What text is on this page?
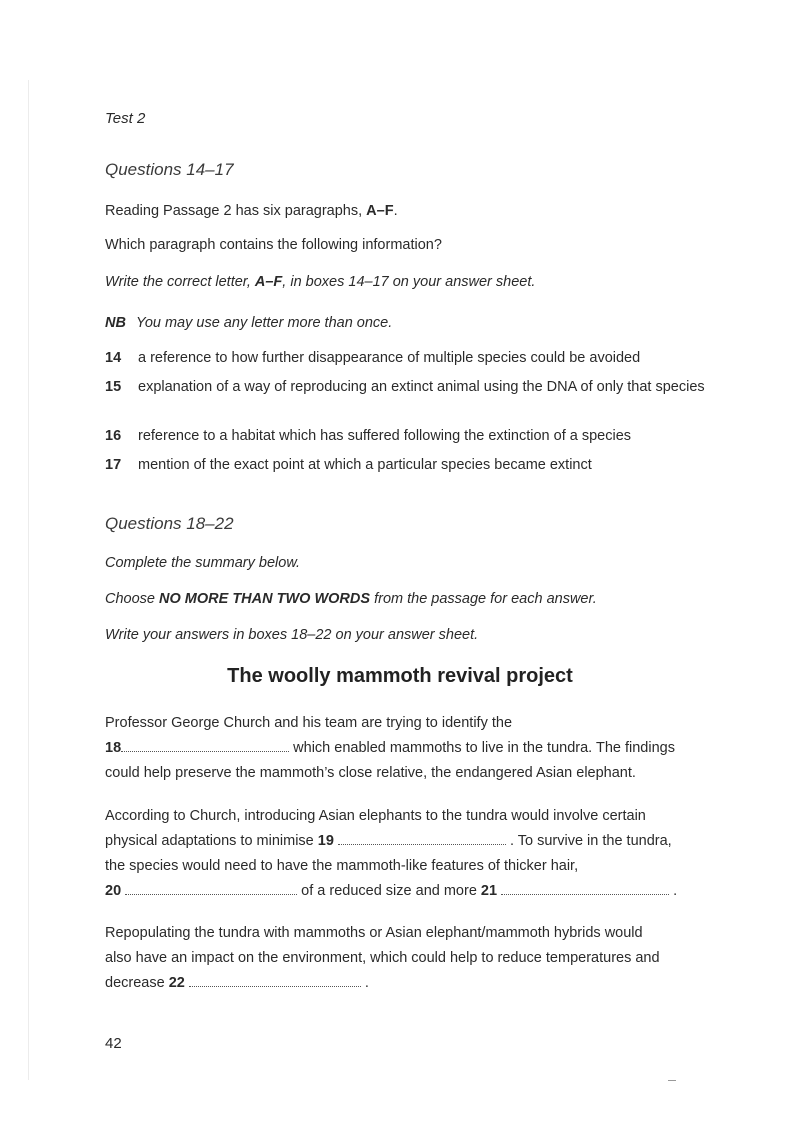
Test 2
Questions 14–17
Reading Passage 2 has six paragraphs, A–F.
Which paragraph contains the following information?
Write the correct letter, A–F, in boxes 14–17 on your answer sheet.
NB You may use any letter more than once.
14 a reference to how further disappearance of multiple species could be avoided
15 explanation of a way of reproducing an extinct animal using the DNA of only that species
16 reference to a habitat which has suffered following the extinction of a species
17 mention of the exact point at which a particular species became extinct
Questions 18–22
Complete the summary below.
Choose NO MORE THAN TWO WORDS from the passage for each answer.
Write your answers in boxes 18–22 on your answer sheet.
The woolly mammoth revival project
Professor George Church and his team are trying to identify the
18	which enabled mammoths to live in the tundra. The findings
could help preserve the mammoth’s close relative, the endangered Asian elephant.
According to Church, introducing Asian elephants to the tundra would involve certain
physical adaptations to minimise 19	. To survive in the tundra,
the species would need to have the mammoth-like features of thicker hair,
20	of a reduced size and more 21	.
Repopulating the tundra with mammoths or Asian elephant/mammoth hybrids would
also have an impact on the environment, which could help to reduce temperatures and
decrease 22	.
42
